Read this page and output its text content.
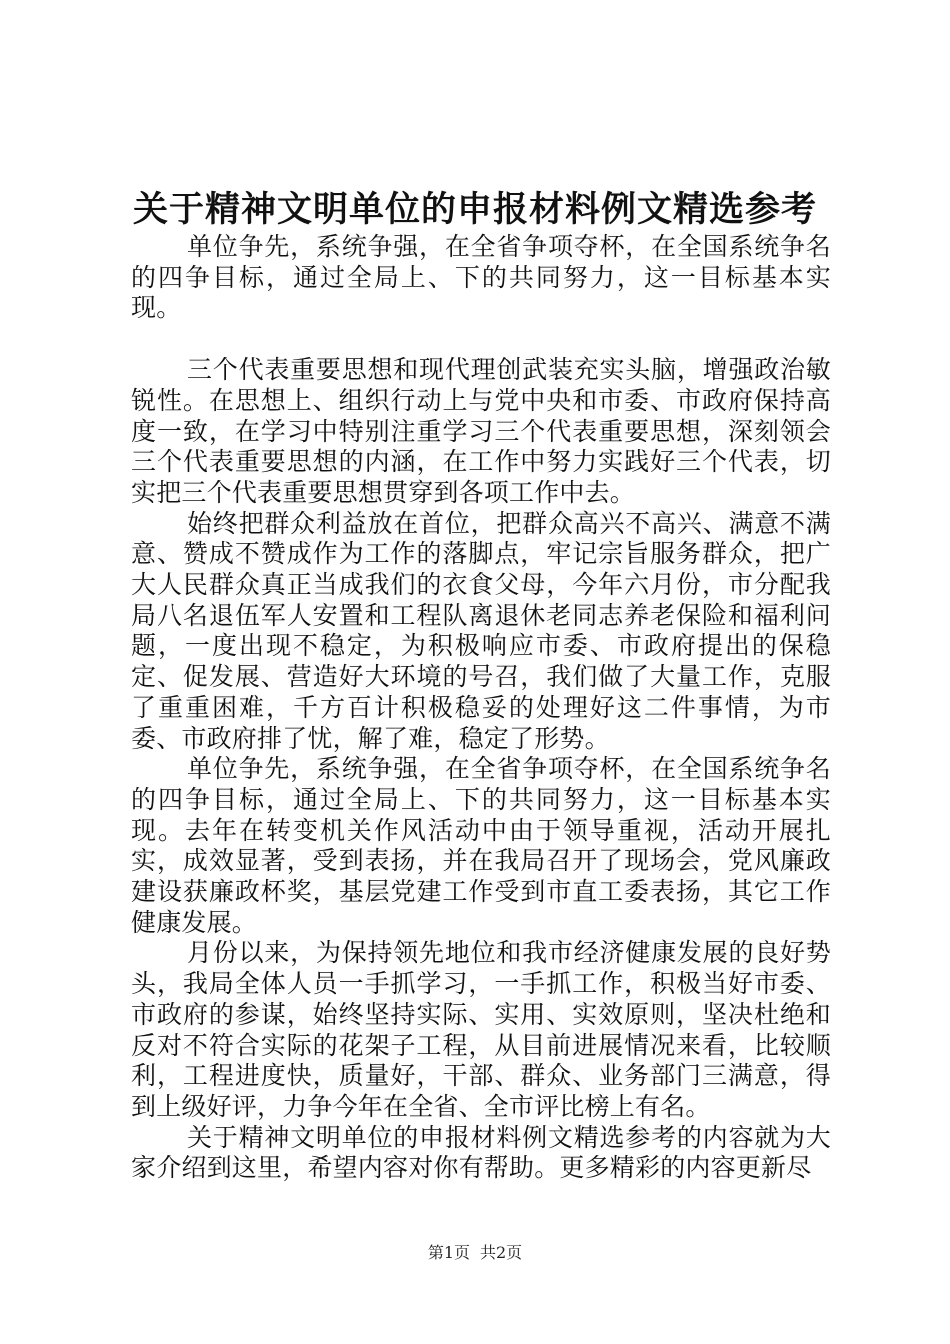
关于精神文明单位的申报材料例文精选参考

单位争先，系统争强，在全省争项夺杯，在全国系统争名的四争目标，通过全局上、下的共同努力，这一目标基本实现。

三个代表重要思想和现代理创武装充实头脑，增强政治敏锐性。在思想上、组织行动上与党中央和市委、市政府保持高度一致，在学习中特别注重学习三个代表重要思想，深刻领会三个代表重要思想的内涵，在工作中努力实践好三个代表，切实把三个代表重要思想贯穿到各项工作中去。

始终把群众利益放在首位，把群众高兴不高兴、满意不满意、赞成不赞成作为工作的落脚点，牢记宗旨服务群众，把广大人民群众真正当成我们的衣食父母，今年六月份，市分配我局八名退伍军人安置和工程队离退休老同志养老保险和福利问题，一度出现不稳定，为积极响应市委、市政府提出的保稳定、促发展、营造好大环境的号召，我们做了大量工作，克服了重重困难，千方百计积极稳妥的处理好这二件事情，为市委、市政府排了忧，解了难，稳定了形势。

单位争先，系统争强，在全省争项夺杯，在全国系统争名的四争目标，通过全局上、下的共同努力，这一目标基本实现。去年在转变机关作风活动中由于领导重视，活动开展扎实，成效显著，受到表扬，并在我局召开了现场会，党风廉政建设获廉政杯奖，基层党建工作受到市直工委表扬，其它工作健康发展。

月份以来，为保持领先地位和我市经济健康发展的良好势头，我局全体人员一手抓学习，一手抓工作，积极当好市委、市政府的参谋，始终坚持实际、实用、实效原则，坚决杜绝和反对不符合实际的花架子工程，从目前进展情况来看，比较顺利，工程进度快，质量好，干部、群众、业务部门三满意，得到上级好评，力争今年在全省、全市评比榜上有名。

关于精神文明单位的申报材料例文精选参考的内容就为大家介绍到这里，希望内容对你有帮助。更多精彩的内容更新尽

第1页 共2页
